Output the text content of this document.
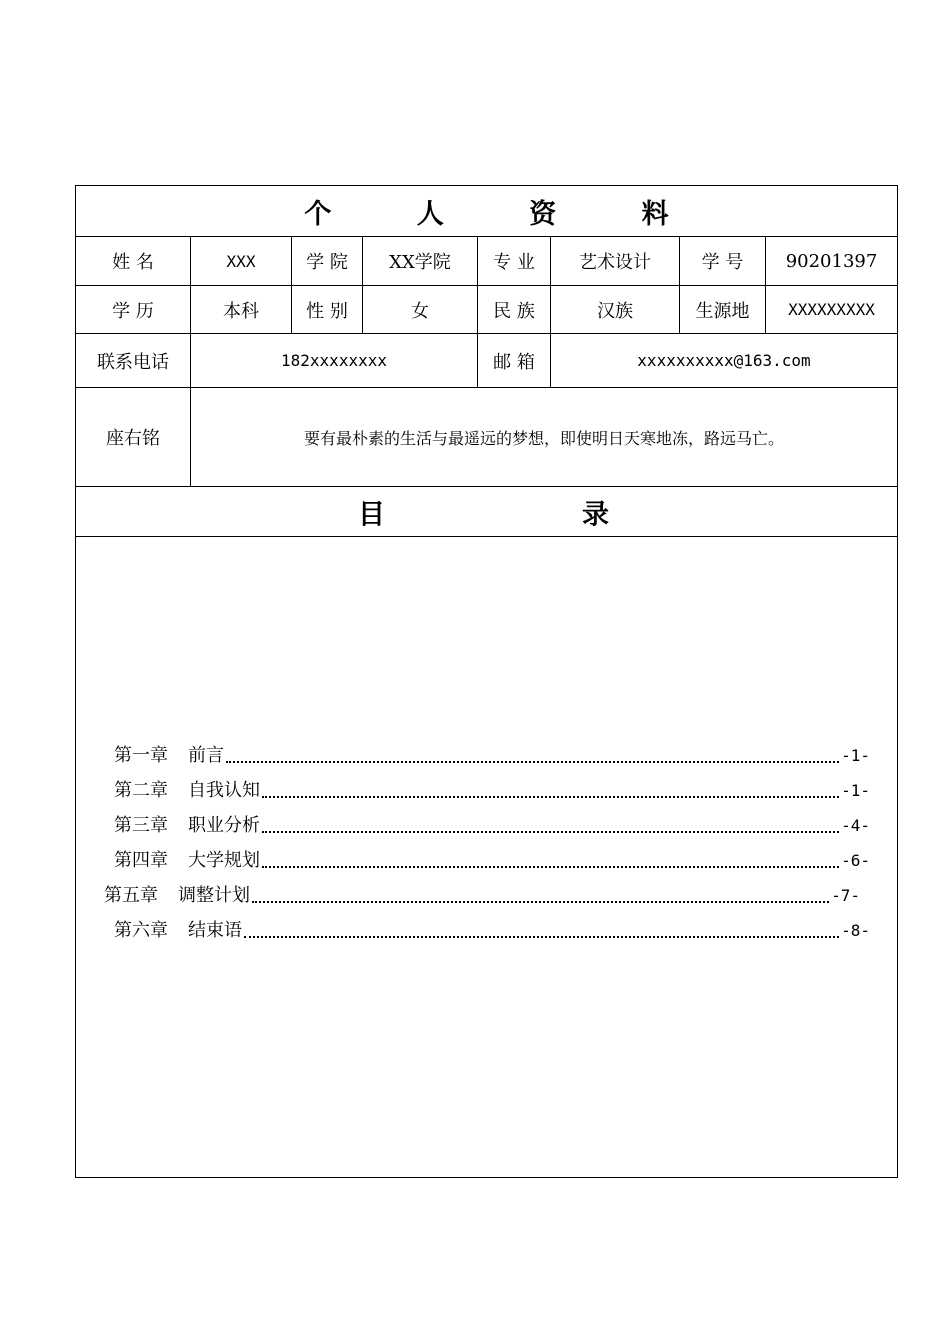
个 人 资 料
姓 名	XXX	学 院	XX学院	专 业	艺术设计	学 号	90201397
学 历	本科	性 别	女	民 族	汉族	生源地	XXXXXXXXX
联系电话	182xxxxxxxx	邮 箱	xxxxxxxxxx@163.com
座右铭	要有最朴素的生活与最遥远的梦想，即使明日天寒地冻，路远马亡。
目	录
第一章 前言	-1-
第二章 自我认知	-1-
第三章 职业分析	-4-
第四章 大学规划	-6-
第五章 调整计划	-7-
第六章 结束语	-8-
